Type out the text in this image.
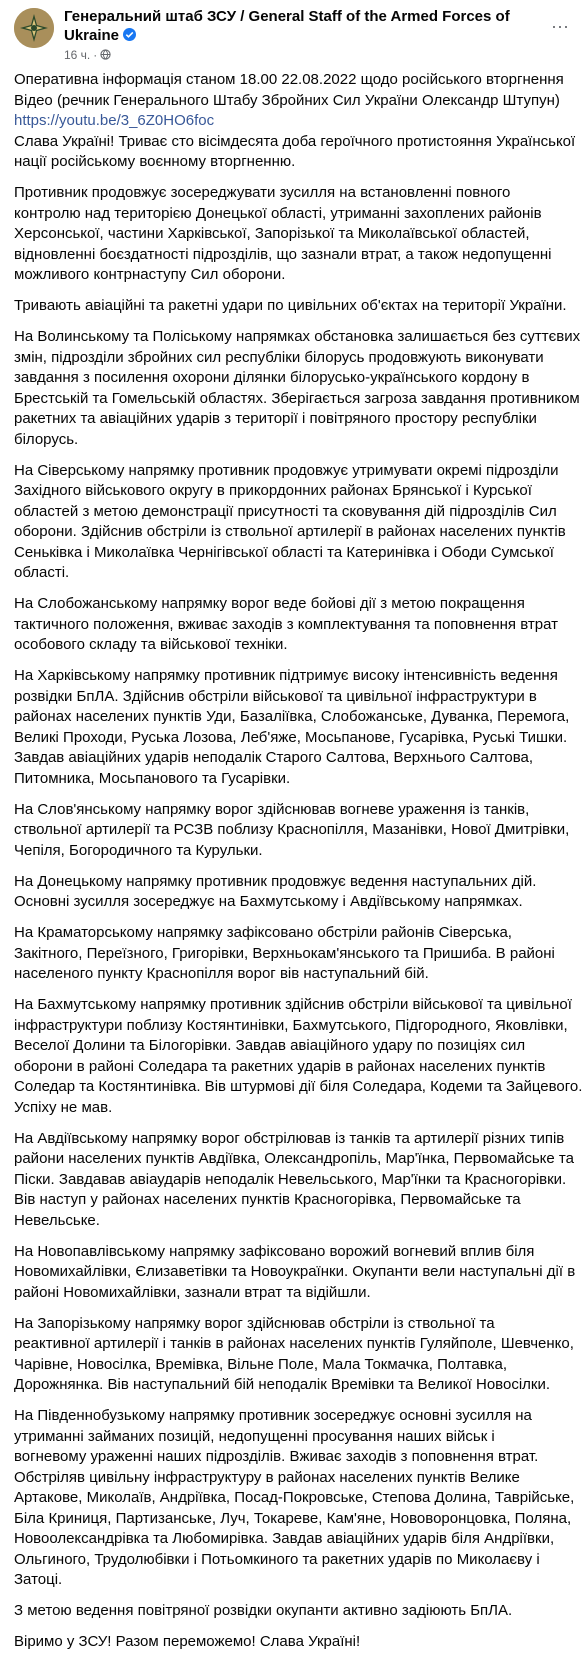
Генеральний штаб ЗСУ / General Staff of the Armed Forces of Ukraine
16 ч. ·
···

Оперативна інформація станом 18.00 22.08.2022 щодо російського вторгнення
Відео (речник Генерального Штабу Збройних Сил України Олександр Штупун)
https://youtu.be/3_6Z0HO6foc
Слава Україні! Триває сто вісімдесята доба героїчного протистояння Української
нації російському воєнному вторгненню.

Противник продовжує зосереджувати зусилля на встановленні повного
контролю над територією Донецької області, утриманні захоплених районів
Херсонської, частини Харківської, Запорізької та Миколаївської областей,
відновленні боєздатності підрозділів, що зазнали втрат, а також недопущенні
можливого контрнаступу Сил оборони.

Тривають авіаційні та ракетні удари по цивільних об'єктах на території України.

На Волинському та Поліському напрямках обстановка залишається без суттєвих
змін, підрозділи збройних сил республіки білорусь продовжують виконувати
завдання з посилення охорони ділянки білорусько-українського кордону в
Брестській та Гомельській областях. Зберігається загроза завдання противником
ракетних та авіаційних ударів з території і повітряного простору республіки
білорусь.

На Сіверському напрямку противник продовжує утримувати окремі підрозділи
Західного військового округу в прикордонних районах Брянської і Курської
областей з метою демонстрації присутності та сковування дій підрозділів Сил
оборони. Здійснив обстріли із ствольної артилерії в районах населених пунктів
Сеньківка і Миколаївка Чернігівської області та Катеринівка і Ободи Сумської
області.

На Слобожанському напрямку ворог веде бойові дії з метою покращення
тактичного положення, вживає заходів з комплектування та поповнення втрат
особового складу та військової техніки.

На Харківському напрямку противник підтримує високу інтенсивність ведення
розвідки БпЛА. Здійснив обстріли військової та цивільної інфраструктури в
районах населених пунктів Уди, Базаліївка, Слобожанське, Дуванка, Перемога,
Великі Проходи, Руська Лозова, Леб'яже, Мосьпанове, Гусарівка, Руські Тишки.
Завдав авіаційних ударів неподалік Старого Салтова, Верхнього Салтова,
Питомника, Мосьпанового та Гусарівки.

На Слов'янському напрямку ворог здійснював вогневе ураження із танків,
ствольної артилерії та РСЗВ поблизу Краснопілля, Мазанівки, Нової Дмитрівки,
Чепіля, Богородичного та Курульки.

На Донецькому напрямку противник продовжує ведення наступальних дій.
Основні зусилля зосереджує на Бахмутському і Авдіївському напрямках.

На Краматорському напрямку зафіксовано обстріли районів Сіверська,
Закітного, Переїзного, Григорівки, Верхньокам'янського та Пришиба. В районі
населеного пункту Краснопілля ворог вів наступальний бій.

На Бахмутському напрямку противник здійснив обстріли військової та цивільної
інфраструктури поблизу Костянтинівки, Бахмутського, Підгородного, Яковлівки,
Веселої Долини та Білогорівки. Завдав авіаційного удару по позиціях сил
оборони в районі Соледара та ракетних ударів в районах населених пунктів
Соледар та Костянтинівка. Вів штурмові дії біля Соледара, Кодеми та Зайцевого.
Успіху не мав.

На Авдіївському напрямку ворог обстрілював із танків та артилерії різних типів
райони населених пунктів Авдіївка, Олександропіль, Мар'їнка, Первомайське та
Піски. Завдавав авіаударів неподалік Невельського, Мар'їнки та Красногорівки.
Вів наступ у районах населених пунктів Красногорівка, Первомайське та
Невельське.

На Новопавлівському напрямку зафіксовано ворожий вогневий вплив біля
Новомихайлівки, Єлизаветівки та Новоукраїнки. Окупанти вели наступальні дії в
районі Новомихайлівки, зазнали втрат та відійшли.

На Запорізькому напрямку ворог здійснював обстріли із ствольної та
реактивної артилерії і танків в районах населених пунктів Гуляйполе, Шевченко,
Чарівне, Новосілка, Времівка, Вільне Поле, Мала Токмачка, Полтавка,
Дорожнянка. Вів наступальний бій неподалік Времівки та Великої Новосілки.

На Південнобузькому напрямку противник зосереджує основні зусилля на
утриманні займаних позицій, недопущенні просування наших військ і
вогневому ураженні наших підрозділів. Вживає заходів з поповнення втрат.
Обстріляв цивільну інфраструктуру в районах населених пунктів Велике
Артакове, Миколаїв, Андріївка, Посад-Покровське, Степова Долина, Таврійське,
Біла Криниця, Партизанське, Луч, Токареве, Кам'яне, Нововоронцовка, Поляна,
Новоолександрівка та Любомирівка. Завдав авіаційних ударів біля Андріївки,
Ольгиного, Трудолюбівки і Потьомкиного та ракетних ударів по Миколаєву і
Затоці.

З метою ведення повітряної розвідки окупанти активно задіюють БпЛА.

Віримо у ЗСУ! Разом переможемо! Слава Україні!
